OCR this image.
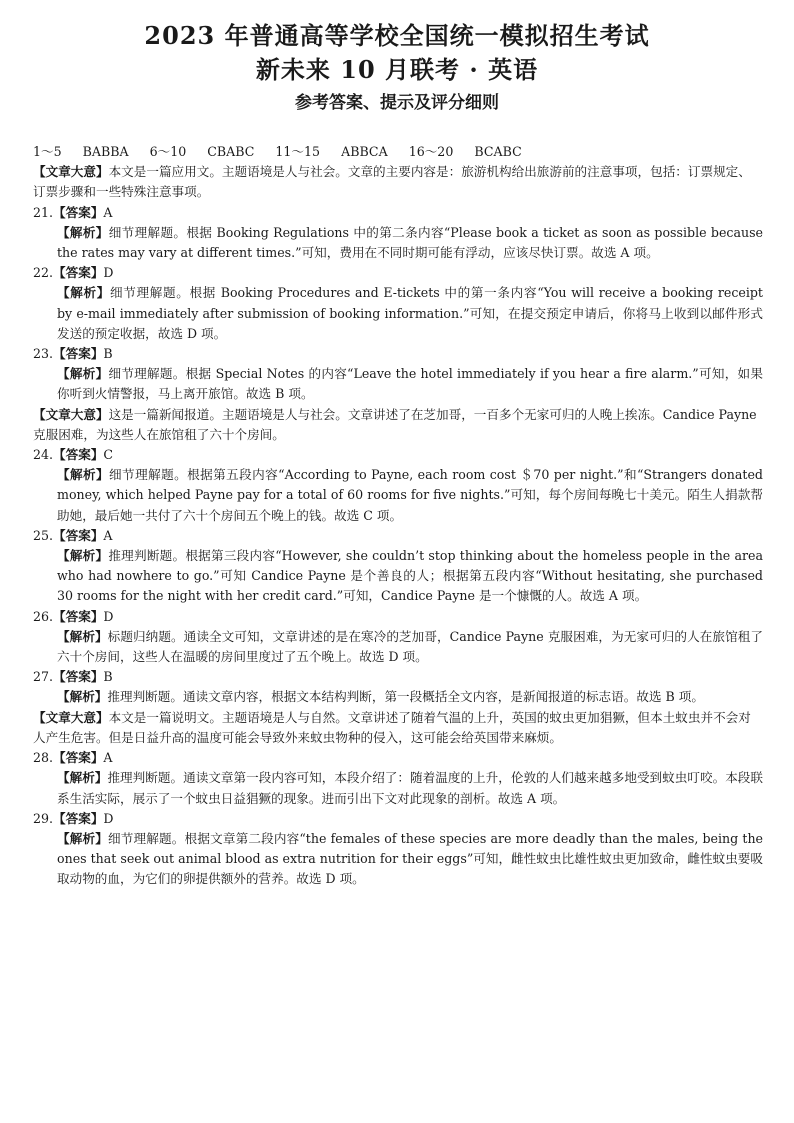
2023 年普通高等学校全国统一模拟招生考试
新未来 10 月联考 · 英语
参考答案、提示及评分细则

1～5 BABBA 6～10 CBABC 11～15 ABBCA 16～20 BCABC

【文章大意】本文是一篇应用文。主题语境是人与社会。文章的主要内容是：旅游机构给出旅游前的注意事项，包括：订票规定、订票步骤和一些特殊注意事项。

21.【答案】A

【解析】细节理解题。根据 Booking Regulations 中的第二条内容“Please book a ticket as soon as possible because the rates may vary at different times.”可知，费用在不同时期可能有浮动，应该尽快订票。故选 A 项。

22.【答案】D

【解析】细节理解题。根据 Booking Procedures and E-tickets 中的第一条内容“You will receive a booking receipt by e-mail immediately after submission of booking information.”可知，在提交预定申请后，你将马上收到以邮件形式发送的预定收据，故选 D 项。

23.【答案】B

【解析】细节理解题。根据 Special Notes 的内容“Leave the hotel immediately if you hear a fire alarm.”可知，如果你听到火情警报，马上离开旅馆。故选 B 项。

【文章大意】这是一篇新闻报道。主题语境是人与社会。文章讲述了在芝加哥，一百多个无家可归的人晚上挨冻。Candice Payne 克服困难，为这些人在旅馆租了六十个房间。

24.【答案】C

【解析】细节理解题。根据第五段内容“According to Payne, each room cost ＄70 per night.”和“Strangers donated money, which helped Payne pay for a total of 60 rooms for five nights.”可知，每个房间每晚七十美元。陌生人捐款帮助她，最后她一共付了六十个房间五个晚上的钱。故选 C 项。

25.【答案】A

【解析】推理判断题。根据第三段内容“However, she couldn’t stop thinking about the homeless people in the area who had nowhere to go.”可知 Candice Payne 是个善良的人；根据第五段内容“Without hesitating, she purchased 30 rooms for the night with her credit card.”可知，Candice Payne 是一个慷慨的人。故选 A 项。

26.【答案】D

【解析】标题归纳题。通读全文可知，文章讲述的是在寒冷的芝加哥，Candice Payne 克服困难，为无家可归的人在旅馆租了六十个房间，这些人在温暖的房间里度过了五个晚上。故选 D 项。

27.【答案】B

【解析】推理判断题。通读文章内容，根据文本结构判断，第一段概括全文内容，是新闻报道的标志语。故选 B 项。

【文章大意】本文是一篇说明文。主题语境是人与自然。文章讲述了随着气温的上升，英国的蚊虫更加猖獗，但本土蚊虫并不会对人产生危害。但是日益升高的温度可能会导致外来蚊虫物种的侵入，这可能会给英国带来麻烦。

28.【答案】A

【解析】推理判断题。通读文章第一段内容可知，本段介绍了：随着温度的上升，伦敦的人们越来越多地受到蚊虫叮咬。本段联系生活实际，展示了一个蚊虫日益猖獗的现象。进而引出下文对此现象的剖析。故选 A 项。

29.【答案】D

【解析】细节理解题。根据文章第二段内容“the females of these species are more deadly than the males, being the ones that seek out animal blood as extra nutrition for their eggs”可知，雌性蚊虫比雄性蚊虫更加致命，雌性蚊虫要吸取动物的血，为它们的卵提供额外的营养。故选 D 项。
